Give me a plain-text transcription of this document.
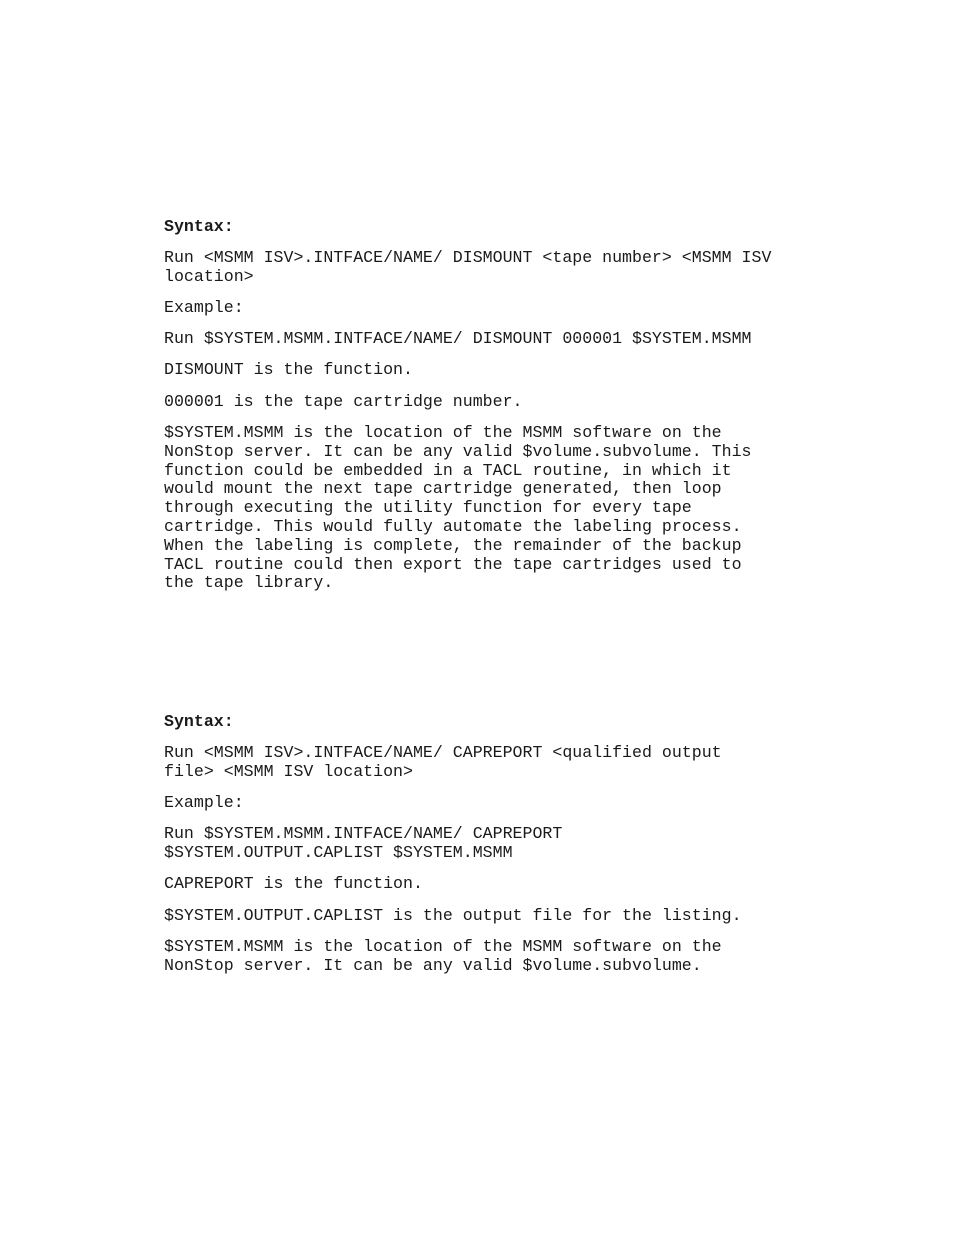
Syntax:

Run <MSMM ISV>.INTFACE/NAME/ DISMOUNT <tape number> <MSMM ISV
location>

Example:

Run $SYSTEM.MSMM.INTFACE/NAME/ DISMOUNT 000001 $SYSTEM.MSMM

DISMOUNT is the function.

000001 is the tape cartridge number.

$SYSTEM.MSMM is the location of the MSMM software on the
NonStop server. It can be any valid $volume.subvolume. This
function could be embedded in a TACL routine, in which it
would mount the next tape cartridge generated, then loop
through executing the utility function for every tape
cartridge. This would fully automate the labeling process.
When the labeling is complete, the remainder of the backup
TACL routine could then export the tape cartridges used to
the tape library.

Syntax:

Run <MSMM ISV>.INTFACE/NAME/ CAPREPORT <qualified output
file> <MSMM ISV location>

Example:

Run $SYSTEM.MSMM.INTFACE/NAME/ CAPREPORT
$SYSTEM.OUTPUT.CAPLIST $SYSTEM.MSMM

CAPREPORT is the function.

$SYSTEM.OUTPUT.CAPLIST is the output file for the listing.

$SYSTEM.MSMM is the location of the MSMM software on the
NonStop server. It can be any valid $volume.subvolume.
